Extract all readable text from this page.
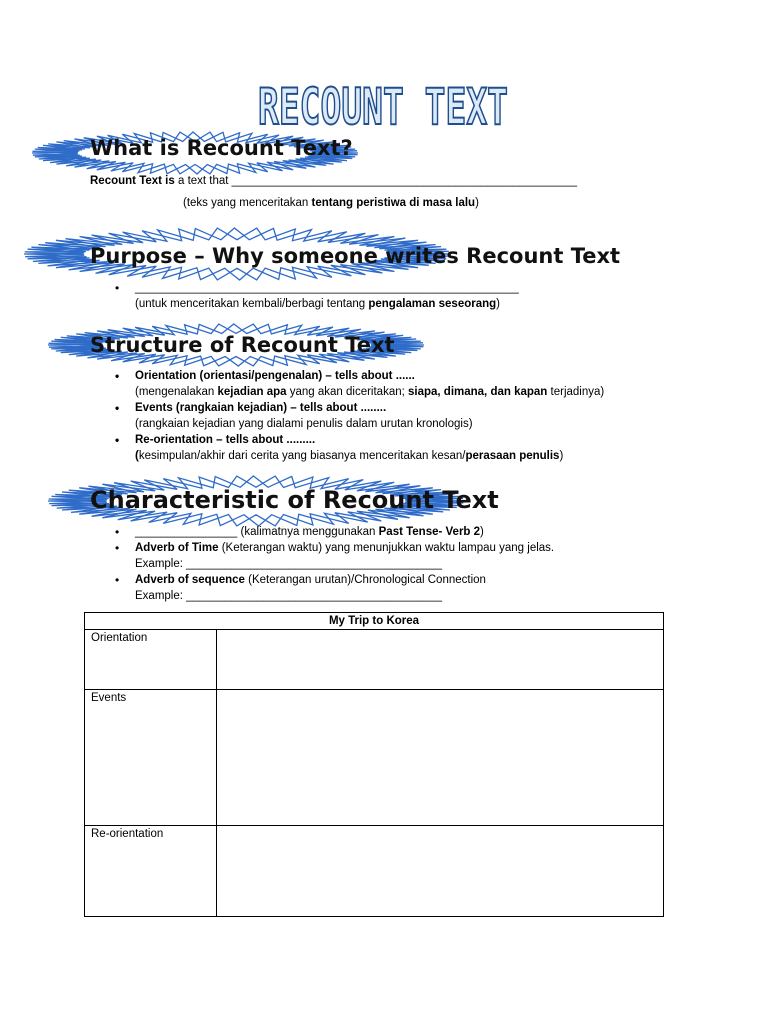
RECOUNT TEXT
What is Recount Text?
Recount Text is a text that ______________________________________________________
(teks yang menceritakan tentang peristiwa di masa lalu)
Purpose – Why someone writes Recount Text
• ____________________________________________________________
(untuk menceritakan kembali/berbagi tentang pengalaman seseorang)
Structure of Recount Text
• Orientation (orientasi/pengenalan) – tells about ......
(mengenalakan kejadian apa yang akan diceritakan; siapa, dimana, dan kapan terjadinya)
• Events (rangkaian kejadian) – tells about ........
(rangkaian kejadian yang dialami penulis dalam urutan kronologis)
• Re-orientation – tells about .........
(kesimpulan/akhir dari cerita yang biasanya menceritakan kesan/perasaan penulis)
Characteristic of Recount Text
• ________________ (kalimatnya menggunakan Past Tense- Verb 2)
• Adverb of Time (Keterangan waktu) yang menunjukkan waktu lampau yang jelas.
Example: ________________________________________
• Adverb of sequence (Keterangan urutan)/Chronological Connection
Example: ________________________________________
My Trip to Korea	
Orientation	
Events	
Re-orientation	
